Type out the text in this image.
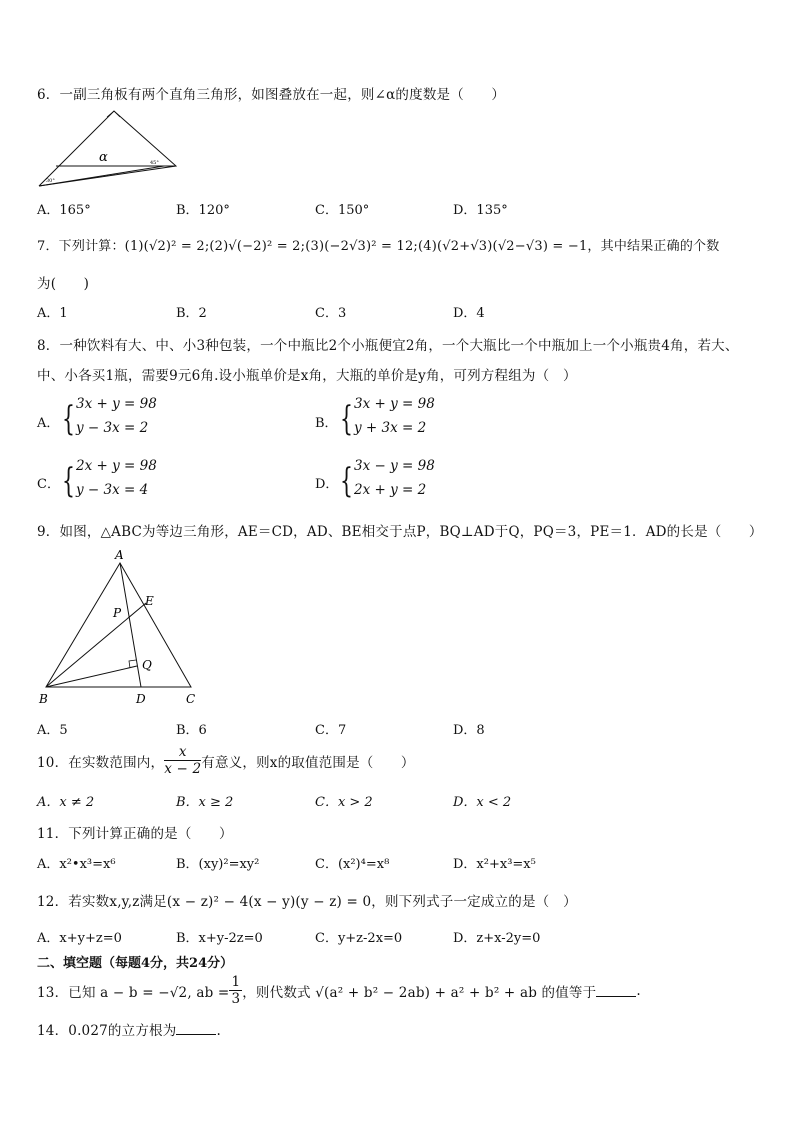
6．一副三角板有两个直角三角形，如图叠放在一起，则∠α的度数是（　　）
α
30°
45°
A．165°	B．120°	C．150°	D．135°
7．下列计算：(1)(√2)² = 2;(2)√(−2)² = 2;(3)(−2√3)² = 12;(4)(√2+√3)(√2−√3) = −1，其中结果正确的个数
为(　　)
A．1	B．2	C．3	D．4
8．一种饮料有大、中、小3种包装，一个中瓶比2个小瓶便宜2角，一个大瓶比一个中瓶加上一个小瓶贵4角，若大、
中、小各买1瓶，需要9元6角.设小瓶单价是x角，大瓶的单价是y角，可列方程组为（　）
A． { 3x + y = 98
y − 3x = 2	B． { 3x + y = 98
y + 3x = 2
C． { 2x + y = 98
y − 3x = 4	D． { 3x − y = 98
2x + y = 2
9．如图，△ABC为等边三角形，AE＝CD，AD、BE相交于点P，BQ⊥AD于Q，PQ＝3，PE＝1．AD的长是（　　）
A
B	C
D
E
P
Q
A．5	B．6	C．7	D．8
10．在实数范围内， $\frac{x}{x - 2}$ 有意义，则x的取值范围是（　　）
A．x ≠ 2	B．x ≥ 2	C．x > 2	D．x < 2
11．下列计算正确的是（　　）
A．x²•x³=x⁶	B．(xy)²=xy²	C．(x²)⁴=x⁸	D．x²+x³=x⁵
12．若实数x,y,z满足(x − z)² − 4(x − y)(y − z) = 0，则下列式子一定成立的是（　）
A．x+y+z=0	B．x+y-2z=0	C．y+z-2x=0	D．z+x-2y=0
二、填空题（每题4分，共24分）
13．已知 a − b = −√2, ab = $\frac{1}{3}$ ，则代数式 √(a² + b² − 2ab) + a² + b² + ab 的值等于	.
14．0.027的立方根为	.
